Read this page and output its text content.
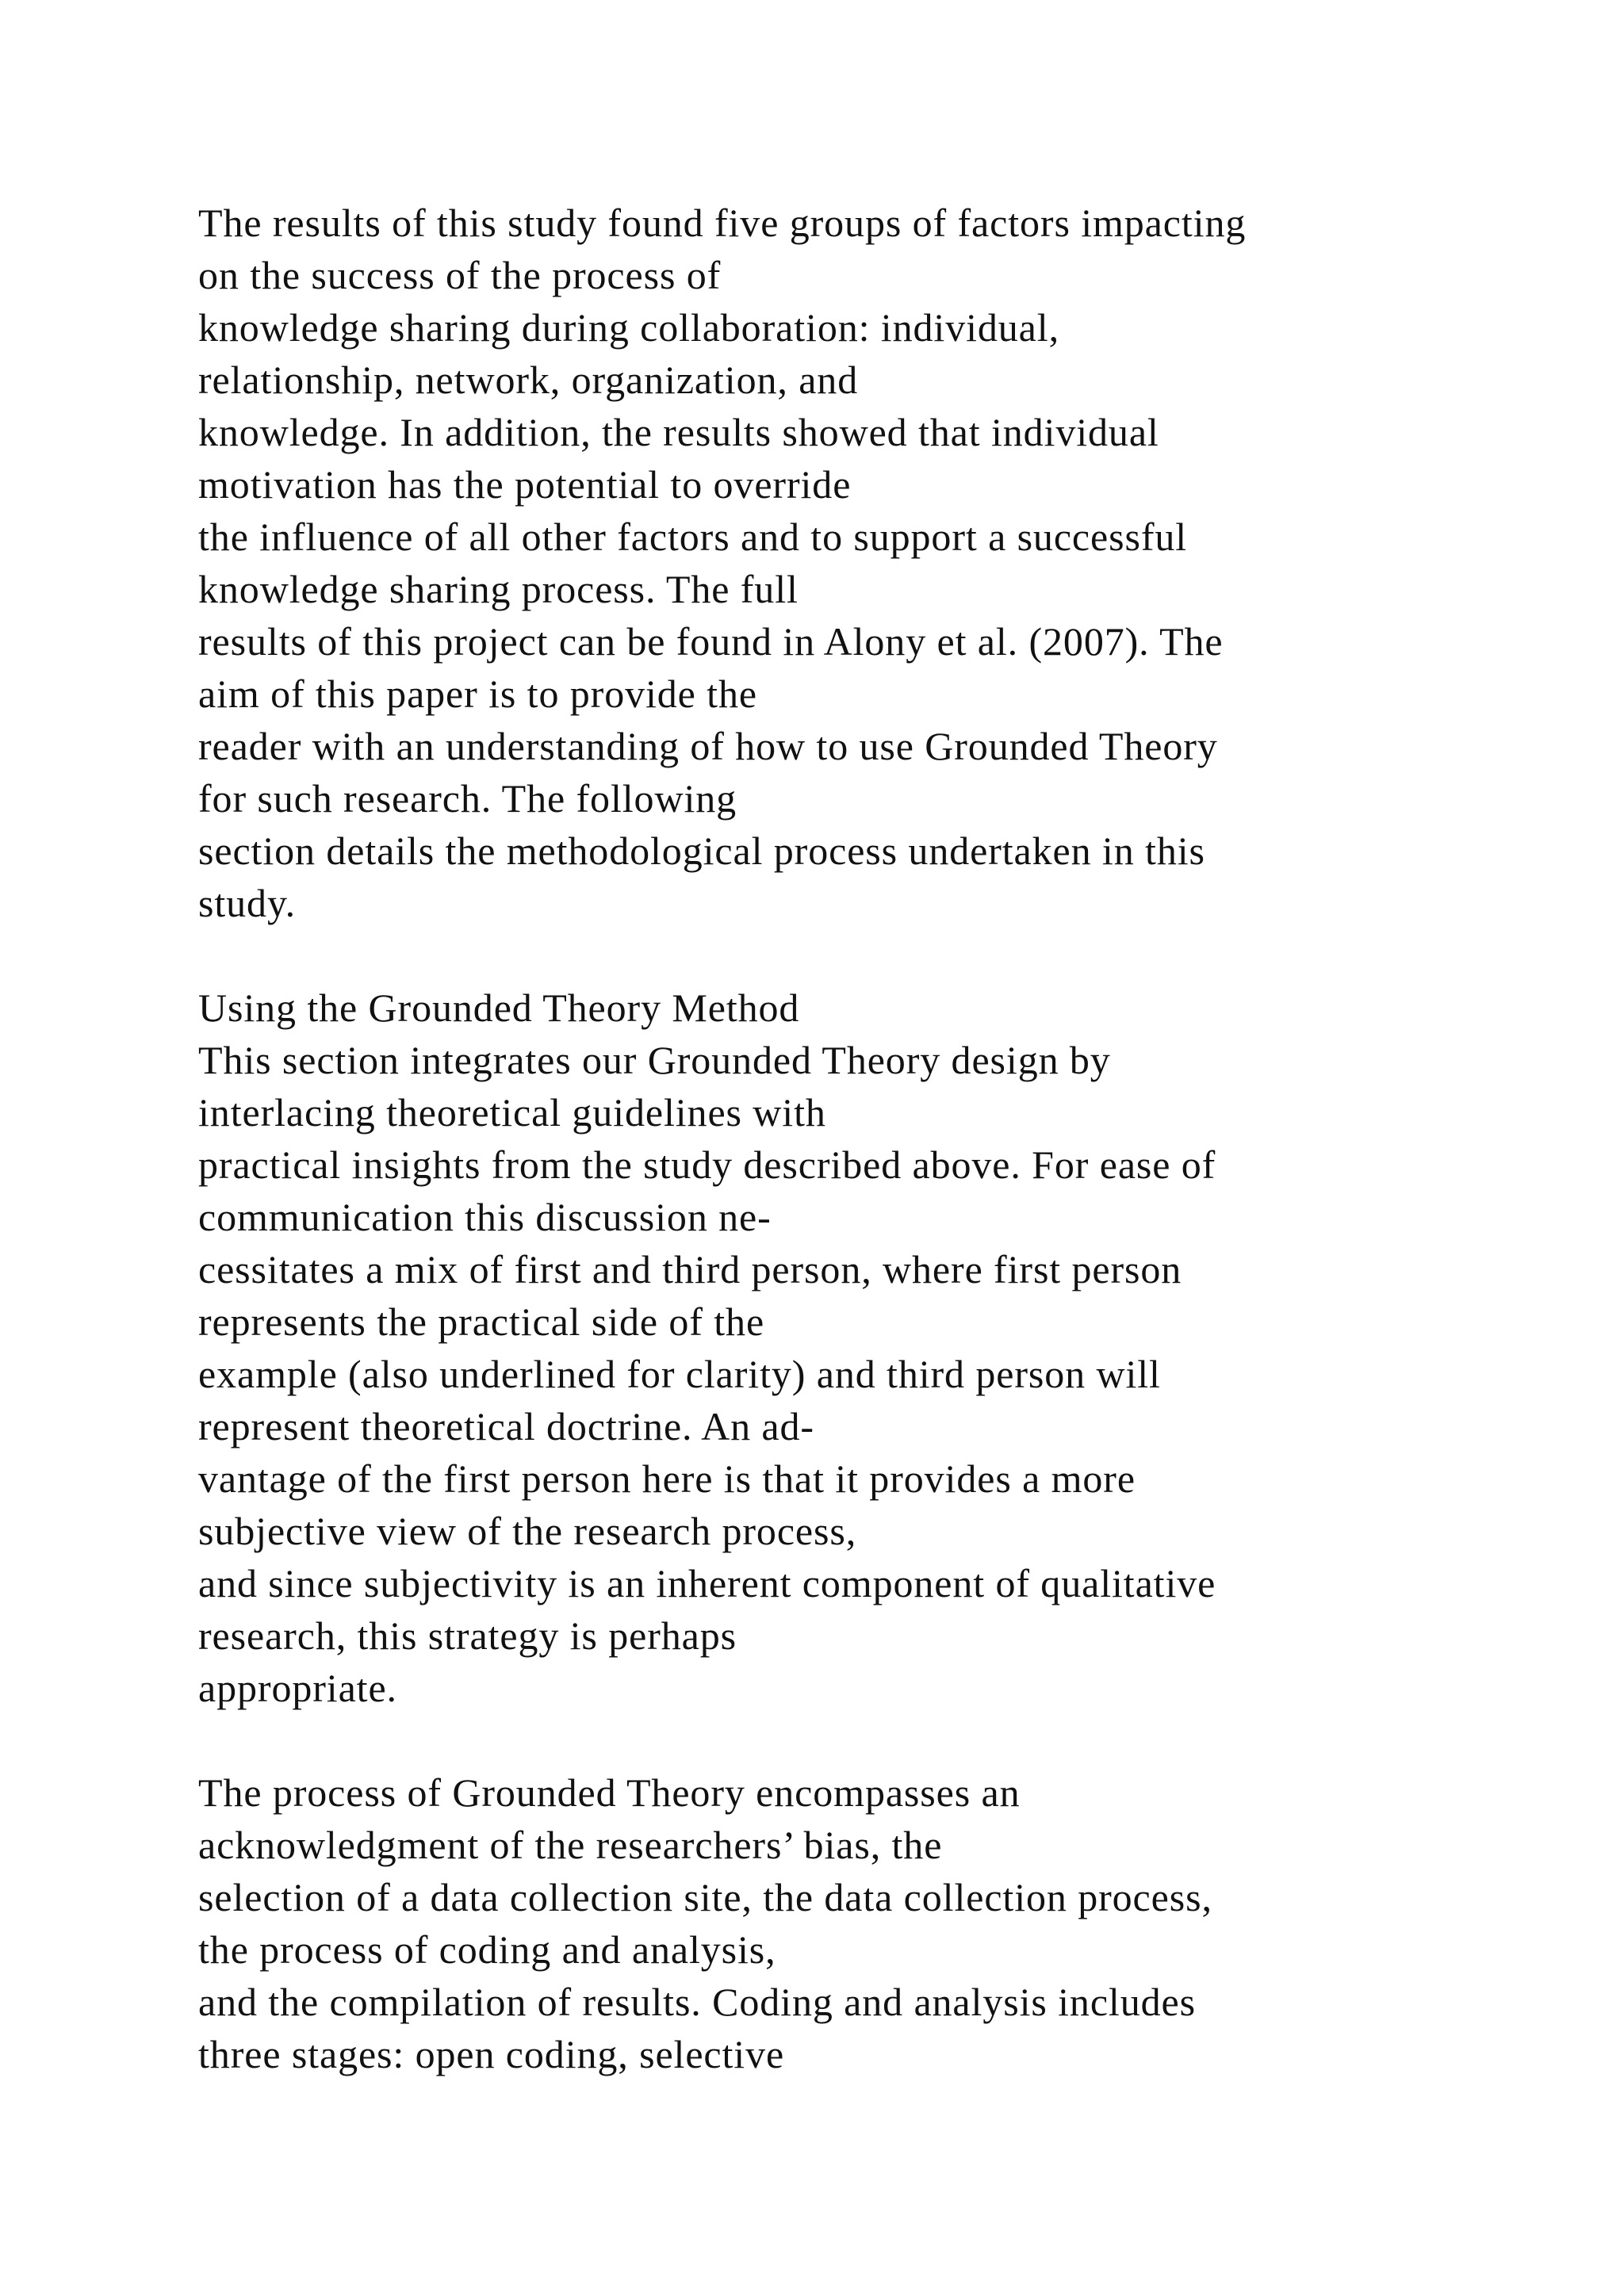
The results of this study found five groups of factors impacting
on the success of the process of
knowledge sharing during collaboration: individual,
relationship, network, organization, and
knowledge. In addition, the results showed that individual
motivation has the potential to override
the influence of all other factors and to support a successful
knowledge sharing process. The full
results of this project can be found in Alony et al. (2007). The
aim of this paper is to provide the
reader with an understanding of how to use Grounded Theory
for such research. The following
section details the methodological process undertaken in this
study.
Using the Grounded Theory Method
This section integrates our Grounded Theory design by
interlacing theoretical guidelines with
practical insights from the study described above. For ease of
communication this discussion ne-
cessitates a mix of first and third person, where first person
represents the practical side of the
example (also underlined for clarity) and third person will
represent theoretical doctrine. An ad-
vantage of the first person here is that it provides a more
subjective view of the research process,
and since subjectivity is an inherent component of qualitative
research, this strategy is perhaps
appropriate.
The process of Grounded Theory encompasses an
acknowledgment of the researchers’ bias, the
selection of a data collection site, the data collection process,
the process of coding and analysis,
and the compilation of results. Coding and analysis includes
three stages: open coding, selective
